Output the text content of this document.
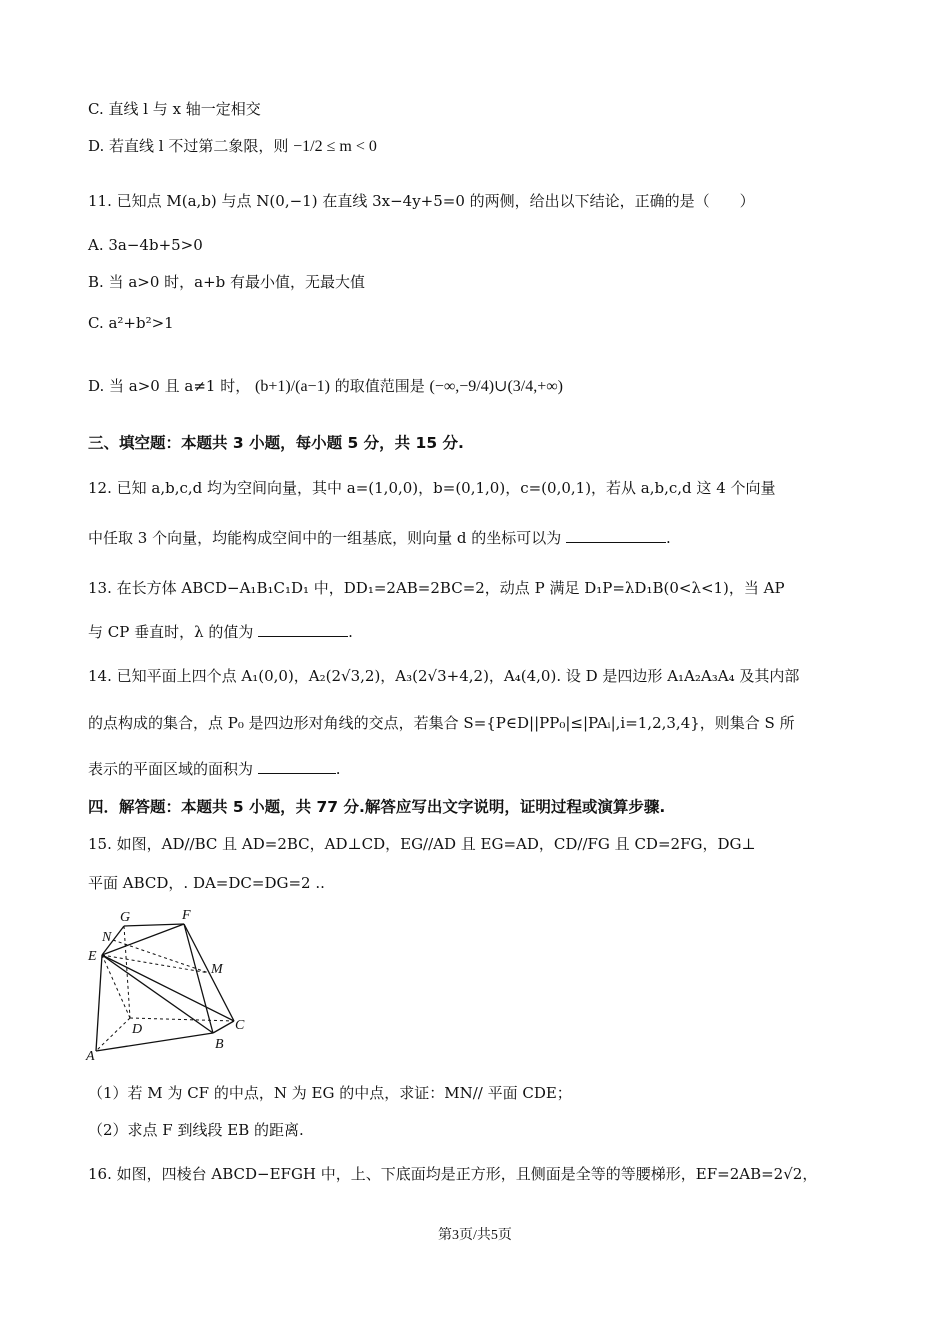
C. 直线 l 与 x 轴一定相交
D. 若直线 l 不过第二象限，则 −1/2 ≤ m < 0
11. 已知点 M(a,b) 与点 N(0,−1) 在直线 3x−4y+5=0 的两侧，给出以下结论，正确的是（　　）
A. 3a−4b+5>0
B. 当 a>0 时，a+b 有最小值，无最大值
C. a²+b²>1
D. 当 a>0 且 a≠1 时， (b+1)/(a−1) 的取值范围是 (−∞,−9/4)∪(3/4,+∞)
三、填空题：本题共 3 小题，每小题 5 分，共 15 分.
12. 已知 a,b,c,d 均为空间向量，其中 a=(1,0,0)，b=(0,1,0)，c=(0,0,1)，若从 a,b,c,d 这 4 个向量
中任取 3 个向量，均能构成空间中的一组基底，则向量 d 的坐标可以为	.
13. 在长方体 ABCD−A₁B₁C₁D₁ 中，DD₁=2AB=2BC=2，动点 P 满足 D₁P=λD₁B(0<λ<1)，当 AP
与 CP 垂直时，λ 的值为	.
14. 已知平面上四个点 A₁(0,0)，A₂(2√3,2)，A₃(2√3+4,2)，A₄(4,0). 设 D 是四边形 A₁A₂A₃A₄ 及其内部
的点构成的集合，点 P₀ 是四边形对角线的交点，若集合 S={P∈D||PP₀|≤|PAᵢ|,i=1,2,3,4}，则集合 S 所
表示的平面区域的面积为	.
四．解答题：本题共 5 小题，共 77 分.解答应写出文字说明，证明过程或演算步骤.
15. 如图，AD//BC 且 AD=2BC，AD⊥CD，EG//AD 且 EG=AD，CD//FG 且 CD=2FG，DG⊥
平面 ABCD，. DA=DC=DG=2 ..
G	F
N
E
M
D	C
B
A
（1）若 M 为 CF 的中点，N 为 EG 的中点，求证：MN// 平面 CDE；
（2）求点 F 到线段 EB 的距离.
16. 如图，四棱台 ABCD−EFGH 中，上、下底面均是正方形，且侧面是全等的等腰梯形，EF=2AB=2√2，
第3页/共5页
